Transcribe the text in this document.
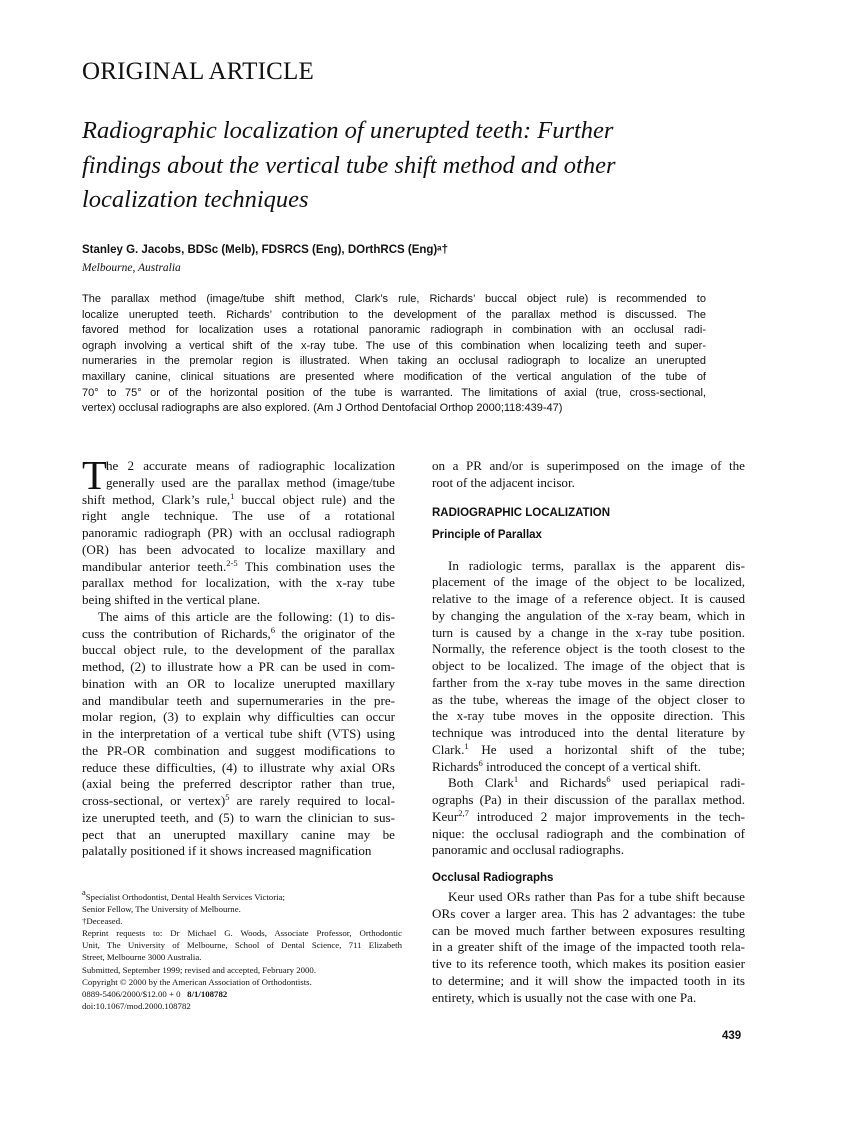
ORIGINAL ARTICLE
Radiographic localization of unerupted teeth: Further
findings about the vertical tube shift method and other
localization techniques
Stanley G. Jacobs, BDSc (Melb), FDSRCS (Eng), DOrthRCS (Eng)ᵃ†
Melbourne, Australia
The parallax method (image/tube shift method, Clark’s rule, Richards’ buccal object rule) is recommended to
localize unerupted teeth. Richards’ contribution to the development of the parallax method is discussed. The
favored method for localization uses a rotational panoramic radiograph in combination with an occlusal radi-
ograph involving a vertical shift of the x-ray tube. The use of this combination when localizing teeth and super-
numeraries in the premolar region is illustrated. When taking an occlusal radiograph to localize an unerupted
maxillary canine, clinical situations are presented where modification of the vertical angulation of the tube of
70° to 75° or of the horizontal position of the tube is warranted. The limitations of axial (true, cross-sectional,
vertex) occlusal radiographs are also explored. (Am J Orthod Dentofacial Orthop 2000;118:439-47)
T
he 2 accurate means of radiographic localization
generally used are the parallax method (image/tube
shift method, Clark’s rule,$^1$ buccal object rule) and the
right angle technique. The use of a rotational
panoramic radiograph (PR) with an occlusal radiograph
(OR) has been advocated to localize maxillary and
mandibular anterior teeth.$^{2-5}$ This combination uses the
parallax method for localization, with the x-ray tube
being shifted in the vertical plane.
The aims of this article are the following: (1) to dis-
cuss the contribution of Richards,$^6$ the originator of the
buccal object rule, to the development of the parallax
method, (2) to illustrate how a PR can be used in com-
bination with an OR to localize unerupted maxillary
and mandibular teeth and supernumeraries in the pre-
molar region, (3) to explain why difficulties can occur
in the interpretation of a vertical tube shift (VTS) using
the PR-OR combination and suggest modifications to
reduce these difficulties, (4) to illustrate why axial ORs
(axial being the preferred descriptor rather than true,
cross-sectional, or vertex)$^5$ are rarely required to local-
ize unerupted teeth, and (5) to warn the clinician to sus-
pect that an unerupted maxillary canine may be
palatally positioned if it shows increased magnification
on a PR and/or is superimposed on the image of the
root of the adjacent incisor.
RADIOGRAPHIC LOCALIZATION
Principle of Parallax
In radiologic terms, parallax is the apparent dis-
placement of the image of the object to be localized,
relative to the image of a reference object. It is caused
by changing the angulation of the x-ray beam, which in
turn is caused by a change in the x-ray tube position.
Normally, the reference object is the tooth closest to the
object to be localized. The image of the object that is
farther from the x-ray tube moves in the same direction
as the tube, whereas the image of the object closer to
the x-ray tube moves in the opposite direction. This
technique was introduced into the dental literature by
Clark.$^1$ He used a horizontal shift of the tube;
Richards$^6$ introduced the concept of a vertical shift.
Both Clark$^1$ and Richards$^6$ used periapical radi-
ographs (Pa) in their discussion of the parallax method.
Keur$^{2,7}$ introduced 2 major improvements in the tech-
nique: the occlusal radiograph and the combination of
panoramic and occlusal radiographs.
Occlusal Radiographs
Keur used ORs rather than Pas for a tube shift because
ORs cover a larger area. This has 2 advantages: the tube
can be moved much farther between exposures resulting
in a greater shift of the image of the impacted tooth rela-
tive to its reference tooth, which makes its position easier
to determine; and it will show the impacted tooth in its
entirety, which is usually not the case with one Pa.
$^a$Specialist Orthodontist, Dental Health Services Victoria;
Senior Fellow, The University of Melbourne.
†Deceased.
Reprint requests to: Dr Michael G. Woods, Associate Professor, Orthodontic
Unit, The University of Melbourne, School of Dental Science, 711 Elizabeth
Street, Melbourne 3000 Australia.
Submitted, September 1999; revised and accepted, February 2000.
Copyright © 2000 by the American Association of Orthodontists.
0889-5406/2000/$12.00 + 0 8/1/108782
doi:10.1067/mod.2000.108782
439
